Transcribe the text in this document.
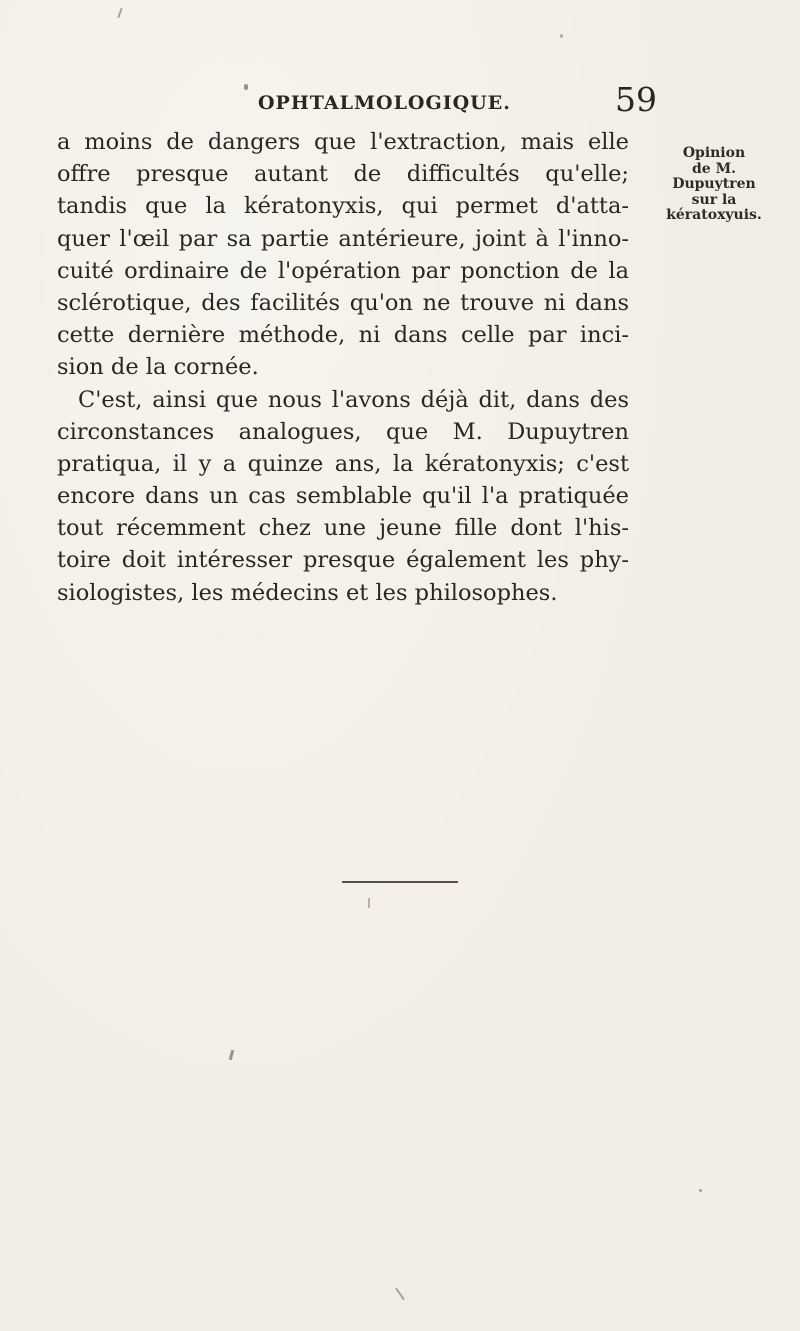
OPHTALMOLOGIQUE.	59
a moins de dangers que l'extraction, mais elle
offre presque autant de difficultés qu'elle;
tandis que la kératonyxis, qui permet d'atta-
quer l'œil par sa partie antérieure, joint à l'inno-
cuité ordinaire de l'opération par ponction de la
sclérotique, des facilités qu'on ne trouve ni dans
cette dernière méthode, ni dans celle par inci-
sion de la cornée.
C'est, ainsi que nous l'avons déjà dit, dans des
circonstances analogues, que M. Dupuytren
pratiqua, il y a quinze ans, la kératonyxis; c'est
encore dans un cas semblable qu'il l'a pratiquée
tout récemment chez une jeune fille dont l'his-
toire doit intéresser presque également les phy-
siologistes, les médecins et les philosophes.
Opinion
de M.
Dupuytren
sur la
kératoxyuis.
